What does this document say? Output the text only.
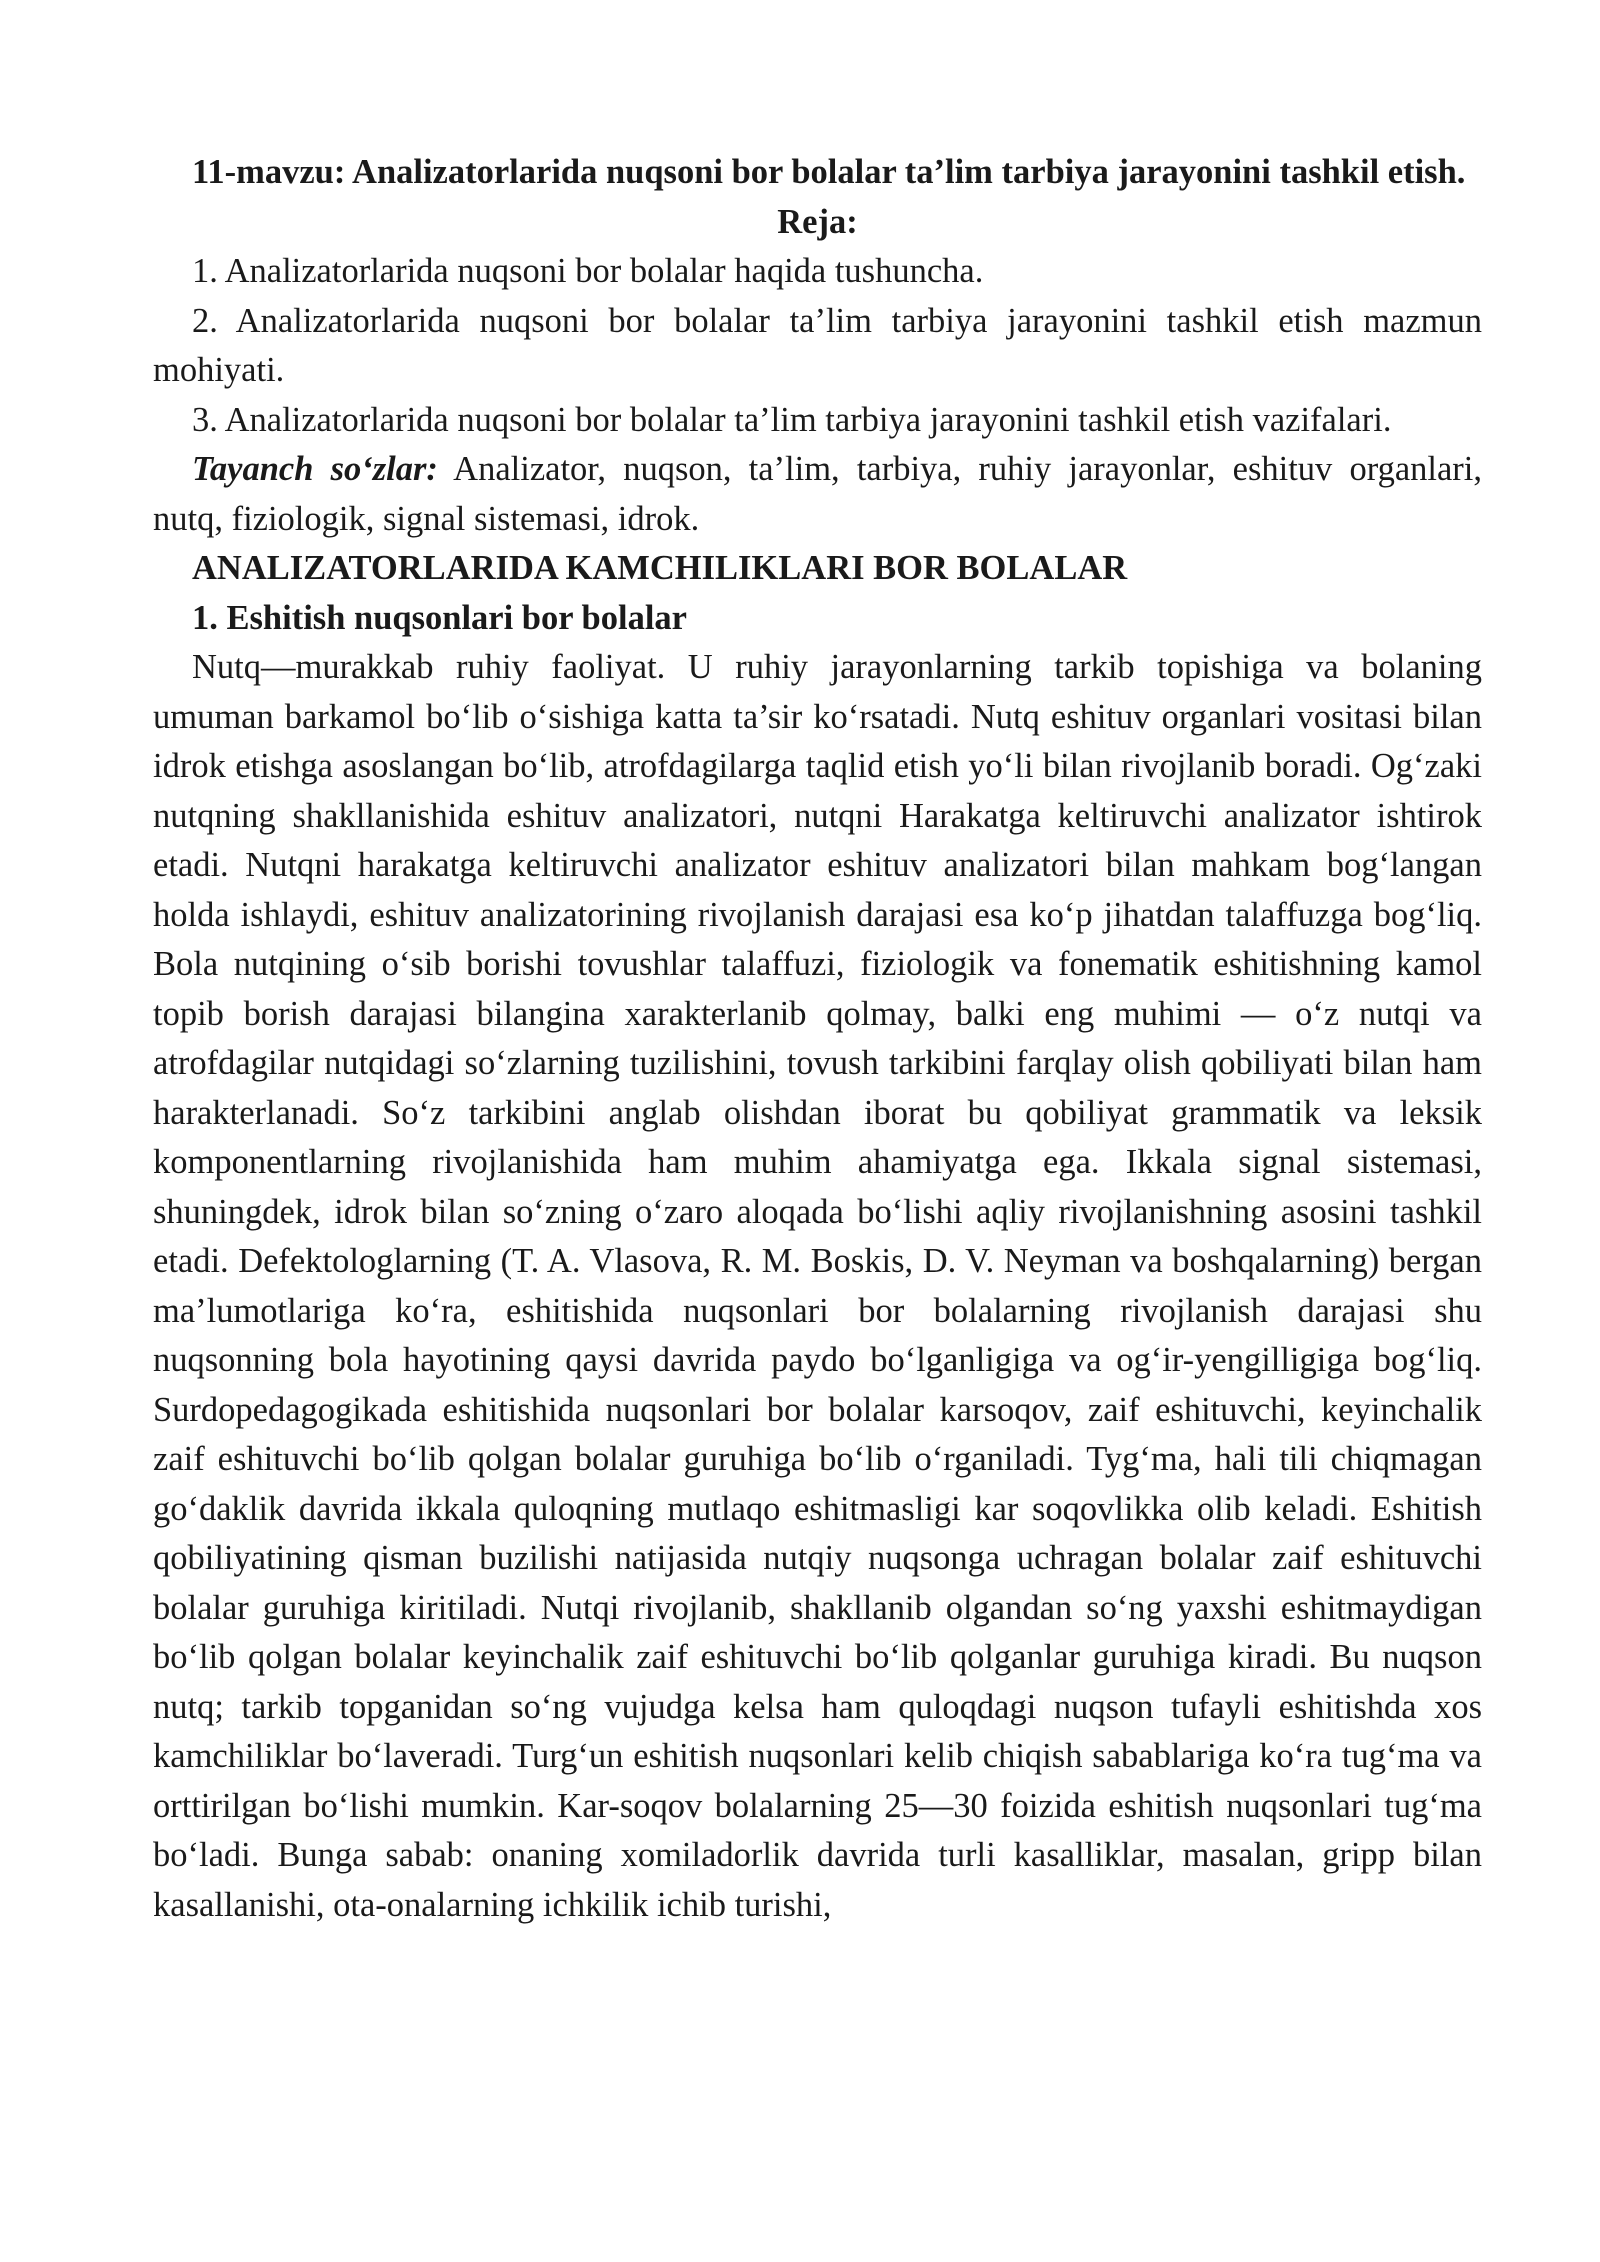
11-mavzu: Analizatorlarida nuqsoni bor bolalar ta’lim tarbiya jarayonini tashkil etish.

Reja:

1. Analizatorlarida nuqsoni bor bolalar haqida tushuncha.

2. Analizatorlarida nuqsoni bor bolalar ta’lim tarbiya jarayonini tashkil etish mazmun mohiyati.

3. Analizatorlarida nuqsoni bor bolalar ta’lim tarbiya jarayonini tashkil etish vazifalari.

Tayanch so‘zlar: Analizator, nuqson, ta’lim, tarbiya, ruhiy jarayonlar, eshituv organlari, nutq, fiziologik, signal sistemasi, idrok.

ANALIZATORLARIDA KAMCHILIKLARI BOR BOLALAR

1. Eshitish nuqsonlari bor bolalar

Nutq—murakkab ruhiy faoliyat. U ruhiy jarayonlarning tarkib topishiga va bolaning umuman barkamol bo‘lib o‘sishiga katta ta’sir ko‘rsatadi. Nutq eshituv organlari vositasi bilan idrok etishga asoslangan bo‘lib, atrofdagilarga taqlid etish yo‘li bilan rivojlanib boradi. Og‘zaki nutqning shakllanishida eshituv analizatori, nutqni Harakatga keltiruvchi analizator ishtirok etadi. Nutqni harakatga keltiruvchi analizator eshituv analizatori bilan mahkam bog‘langan holda ishlaydi, eshituv analizatorining rivojlanish darajasi esa ko‘p jihatdan talaffuzga bog‘liq. Bola nutqining o‘sib borishi tovushlar talaffuzi, fiziologik va fonematik eshitishning kamol topib borish darajasi bilangina xarakterlanib qolmay, balki eng muhimi — o‘z nutqi va atrofdagilar nutqidagi so‘zlarning tuzilishini, tovush tarkibini farqlay olish qobiliyati bilan ham harakterlanadi. So‘z tarkibini anglab olishdan iborat bu qobiliyat grammatik va leksik komponentlarning rivojlanishida ham muhim ahamiyatga ega. Ikkala signal sistemasi, shuningdek, idrok bilan so‘zning o‘zaro aloqada bo‘lishi aqliy rivojlanishning asosini tashkil etadi. Defektologlarning (T. A. Vlasova, R. M. Boskis, D. V. Neyman va boshqalarning) bergan ma’lumotlariga ko‘ra, eshitishida nuqsonlari bor bolalarning rivojlanish darajasi shu nuqsonning bola hayotining qaysi davrida paydo bo‘lganligiga va og‘ir-yengilligiga bog‘liq. Surdopedagogikada eshitishida nuqsonlari bor bolalar karsoqov, zaif eshituvchi, keyinchalik zaif eshituvchi bo‘lib qolgan bolalar guruhiga bo‘lib o‘rganiladi. Tyg‘ma, hali tili chiqmagan go‘daklik davrida ikkala quloqning mutlaqo eshitmasligi kar soqovlikka olib keladi. Eshitish qobiliyatining qisman buzilishi natijasida nutqiy nuqsonga uchragan bolalar zaif eshituvchi bolalar guruhiga kiritiladi. Nutqi rivojlanib, shakllanib olgandan so‘ng yaxshi eshitmaydigan bo‘lib qolgan bolalar keyinchalik zaif eshituvchi bo‘lib qolganlar guruhiga kiradi. Bu nuqson nutq; tarkib topganidan so‘ng vujudga kelsa ham quloqdagi nuqson tufayli eshitishda xos kamchiliklar bo‘laveradi. Turg‘un eshitish nuqsonlari kelib chiqish sabablariga ko‘ra tug‘ma va orttirilgan bo‘lishi mumkin. Kar-soqov bolalarning 25—30 foizida eshitish nuqsonlari tug‘ma bo‘ladi. Bunga sabab: onaning xomiladorlik davrida turli kasalliklar, masalan, gripp bilan kasallanishi, ota-onalarning ichkilik ichib turishi,
